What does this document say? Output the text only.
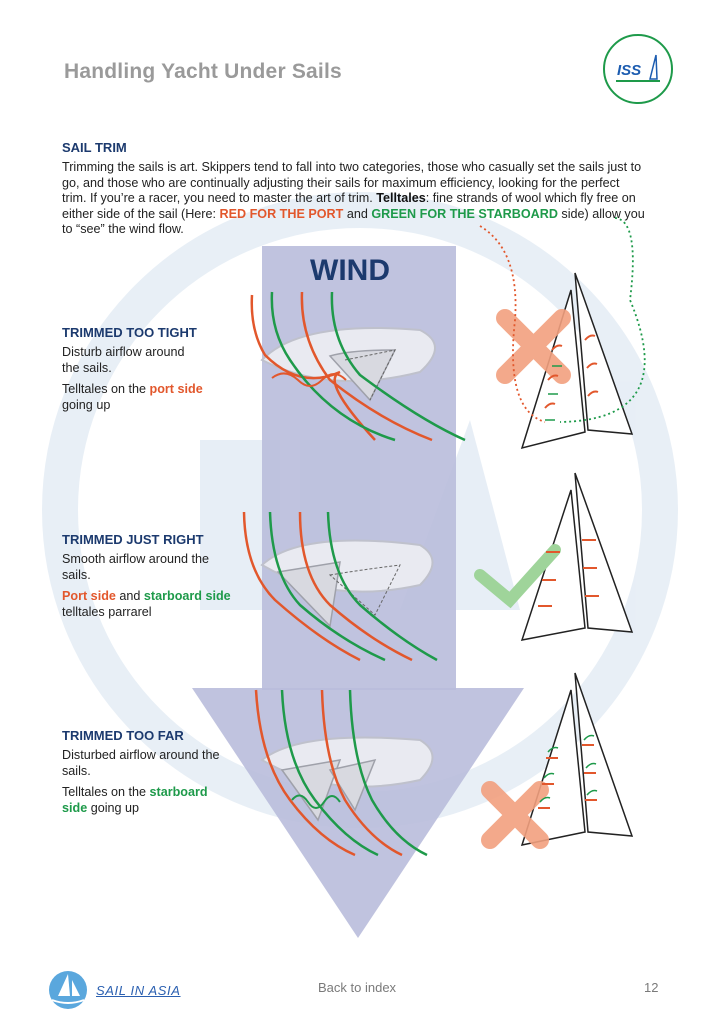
WIND
ISS
Handling Yacht Under Sails
SAIL TRIM
Trimming the sails is art. Skippers tend to fall into two categories, those who casually set the sails just to go, and those who are continually adjusting their sails for maximum efficiency, looking for the perfect trim. If you’re a racer, you need to master the art of trim. Telltales: fine strands of wool which fly free on either side of the sail (Here: RED FOR THE PORT and GREEN FOR THE STARBOARD side) allow you to “see” the wind flow.
TRIMMED TOO TIGHT

Disturb airflow around the sails.

Telltales on the port side going up

TRIMMED JUST RIGHT

Smooth airflow around the sails.

Port side and starboard side telltales parrarel

TRIMMED TOO FAR

Disturbed airflow around the sails.

Telltales on the starboard side going up

SAIL IN ASIA	Back to index	12
